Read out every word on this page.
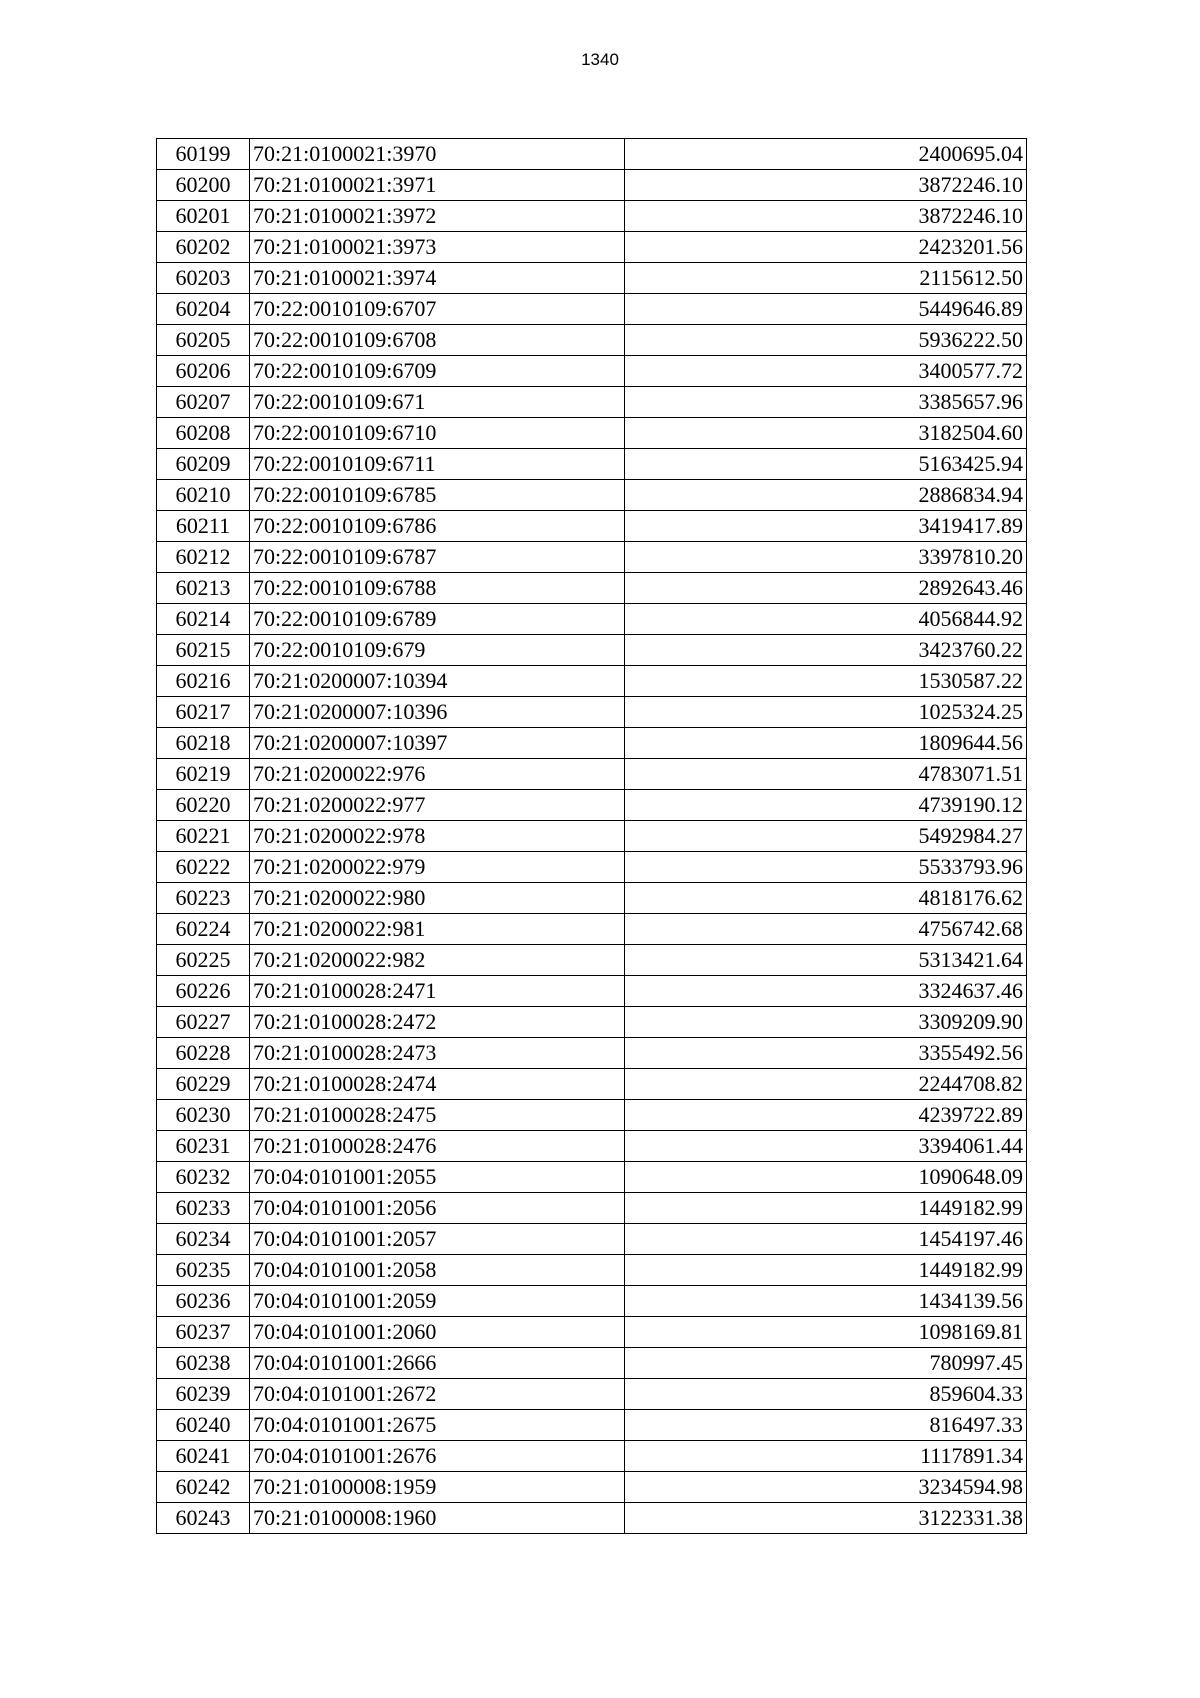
1340
60199	70:21:0100021:3970	2400695.04
60200	70:21:0100021:3971	3872246.10
60201	70:21:0100021:3972	3872246.10
60202	70:21:0100021:3973	2423201.56
60203	70:21:0100021:3974	2115612.50
60204	70:22:0010109:6707	5449646.89
60205	70:22:0010109:6708	5936222.50
60206	70:22:0010109:6709	3400577.72
60207	70:22:0010109:671	3385657.96
60208	70:22:0010109:6710	3182504.60
60209	70:22:0010109:6711	5163425.94
60210	70:22:0010109:6785	2886834.94
60211	70:22:0010109:6786	3419417.89
60212	70:22:0010109:6787	3397810.20
60213	70:22:0010109:6788	2892643.46
60214	70:22:0010109:6789	4056844.92
60215	70:22:0010109:679	3423760.22
60216	70:21:0200007:10394	1530587.22
60217	70:21:0200007:10396	1025324.25
60218	70:21:0200007:10397	1809644.56
60219	70:21:0200022:976	4783071.51
60220	70:21:0200022:977	4739190.12
60221	70:21:0200022:978	5492984.27
60222	70:21:0200022:979	5533793.96
60223	70:21:0200022:980	4818176.62
60224	70:21:0200022:981	4756742.68
60225	70:21:0200022:982	5313421.64
60226	70:21:0100028:2471	3324637.46
60227	70:21:0100028:2472	3309209.90
60228	70:21:0100028:2473	3355492.56
60229	70:21:0100028:2474	2244708.82
60230	70:21:0100028:2475	4239722.89
60231	70:21:0100028:2476	3394061.44
60232	70:04:0101001:2055	1090648.09
60233	70:04:0101001:2056	1449182.99
60234	70:04:0101001:2057	1454197.46
60235	70:04:0101001:2058	1449182.99
60236	70:04:0101001:2059	1434139.56
60237	70:04:0101001:2060	1098169.81
60238	70:04:0101001:2666	780997.45
60239	70:04:0101001:2672	859604.33
60240	70:04:0101001:2675	816497.33
60241	70:04:0101001:2676	1117891.34
60242	70:21:0100008:1959	3234594.98
60243	70:21:0100008:1960	3122331.38
